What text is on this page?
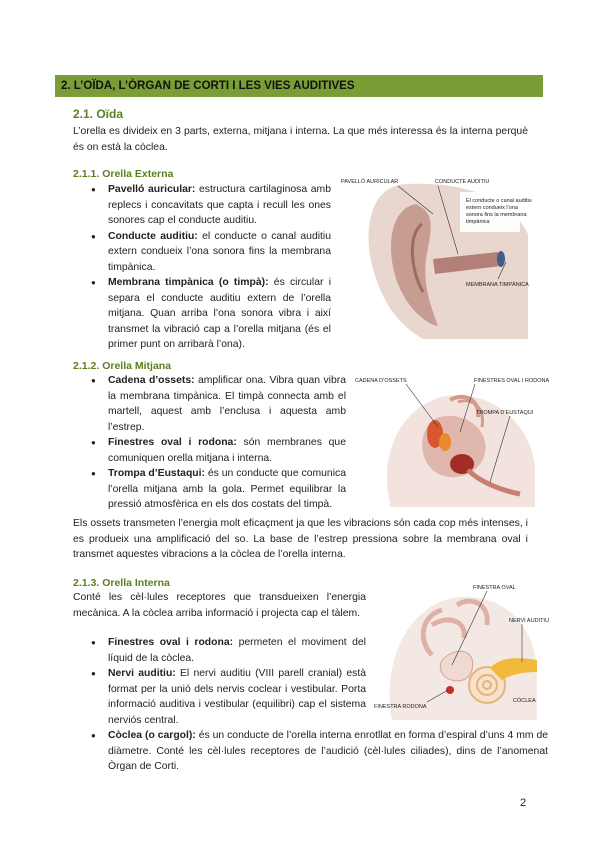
2. L’OÏDA, L’ÒRGAN DE CORTI I LES VIES AUDITIVES
2.1. Oïda

L’orella es divideix en 3 parts, externa, mitjana i interna. La que més interessa és la interna perquè és on està la còclea.

2.1.1. Orella Externa
● Pavelló auricular: estructura cartilaginosa amb replecs i concavitats que capta i recull les ones sonores cap el conducte auditiu.
● Conducte auditiu: el conducte o canal auditiu extern condueix l’ona sonora fins la membrana timpànica.
● Membrana timpànica (o timpà): és circular i separa el conducte auditiu extern de l’orella mitjana. Quan arriba l’ona sonora vibra i així transmet la vibració cap a l’orella mitjana (és el primer punt on arribarà l’ona).
PAVELLÓ AURICULAR	CONDUCTE AUDITIU
El conducte o canal auditiu
extern condueix l’ona
sonora fins la membrana
timpànica
MEMBRANA TIMPÀNICA
2.1.2. Orella Mitjana
● Cadena d’ossets: amplificar ona. Vibra quan vibra la membrana timpànica. El timpà connecta amb el martell, aquest amb l’enclusa i aquesta amb l’estrep.
● Finestres oval i rodona: són membranes que comuniquen orella mitjana i interna.
● Trompa d’Eustaqui: és un conducte que comunica l’orella mitjana amb la gola. Permet equilibrar la pressió atmosfèrica en els dos costats del timpà.
CADENA D’OSSETS	FINESTRES OVAL I RODONA
TROMPA D’EUSTAQUI

Els ossets transmeten l’energia molt eficaçment ja que les vibracions són cada cop més intenses, i es produeix una amplificació del so. La base de l’estrep pressiona sobre la membrana oval i transmet aquestes vibracions a la còclea de l’orella interna.

2.1.3. Orella Interna

Conté les cèl·lules receptores que transdueixen l’energia mecànica. A la còclea arriba informació i projecta cap el tàlem.

● Finestres oval i rodona: permeten el moviment del líquid de la còclea.
● Nervi auditiu: El nervi auditiu (VIII parell cranial) està format per la unió dels nervis coclear i vestibular. Porta informació auditiva i vestibular (equilibri) cap el sistema nerviós central.
● Còclea (o cargol): és un conducte de l’orella interna enrotllat en forma d’espiral d’uns 4 mm de diàmetre. Conté les cèl·lules receptores de l’audició (cèl·lules ciliades), dins de l’anomenat Òrgan de Corti.
FINESTRA OVAL
NERVI AUDITIU
FINESTRA RODONA
CÒCLEA
2
